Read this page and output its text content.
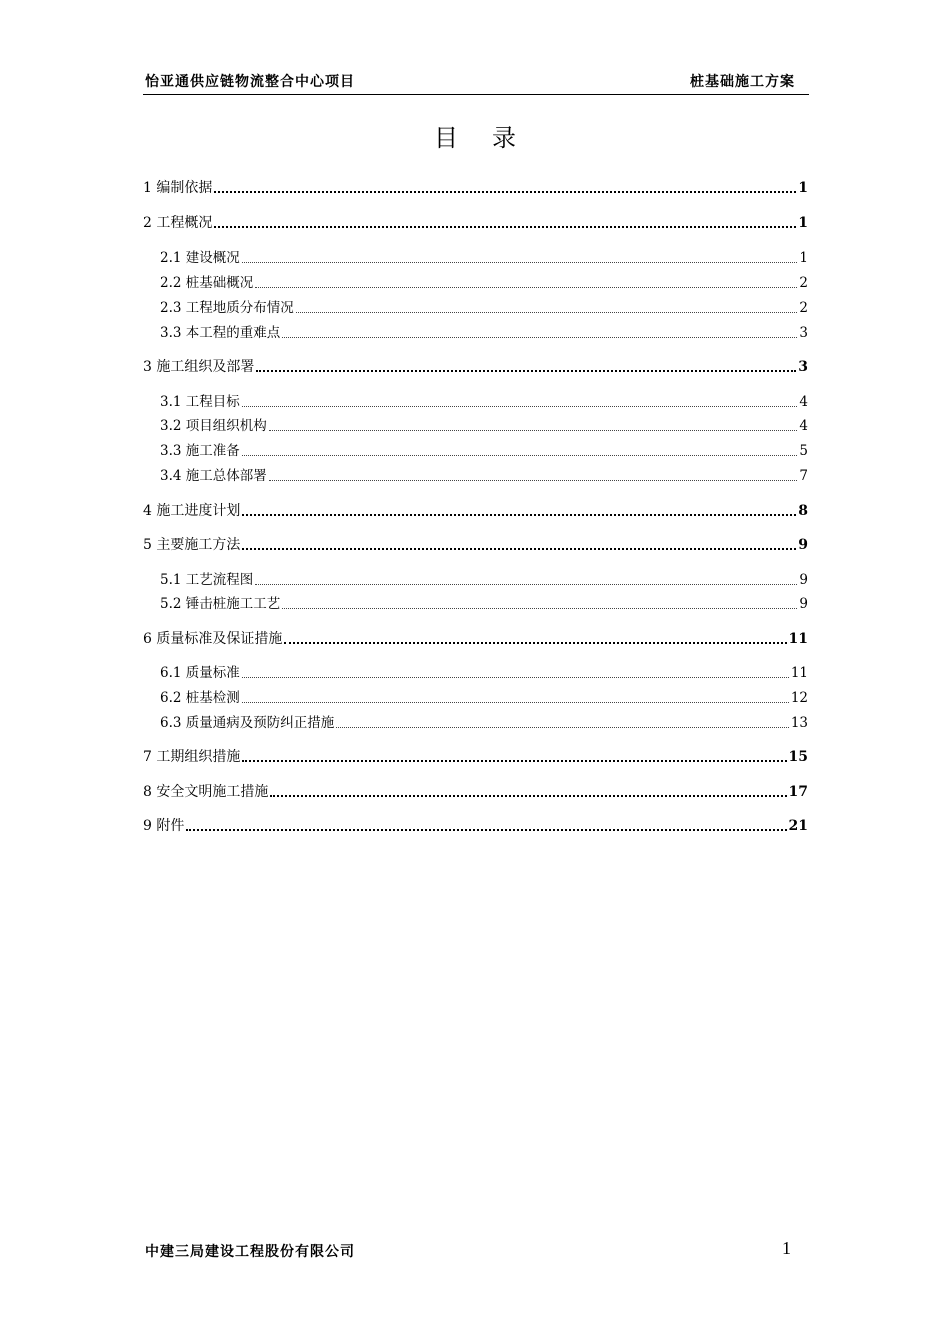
怡亚通供应链物流整合中心项目	桩基础施工方案
目录
1 编制依据	1
2 工程概况	1
2.1 建设概况	1
2.2 桩基础概况	2
2.3 工程地质分布情况	2
3.3 本工程的重难点	3
3 施工组织及部署	3
3.1 工程目标	4
3.2 项目组织机构	4
3.3 施工准备	5
3.4 施工总体部署	7
4 施工进度计划	8
5 主要施工方法	9
5.1 工艺流程图	9
5.2 锤击桩施工工艺	9
6 质量标准及保证措施	11
6.1 质量标准	11
6.2 桩基检测	12
6.3 质量通病及预防纠正措施	13
7 工期组织措施	15
8 安全文明施工措施	17
9 附件	21
中建三局建设工程股份有限公司	1
